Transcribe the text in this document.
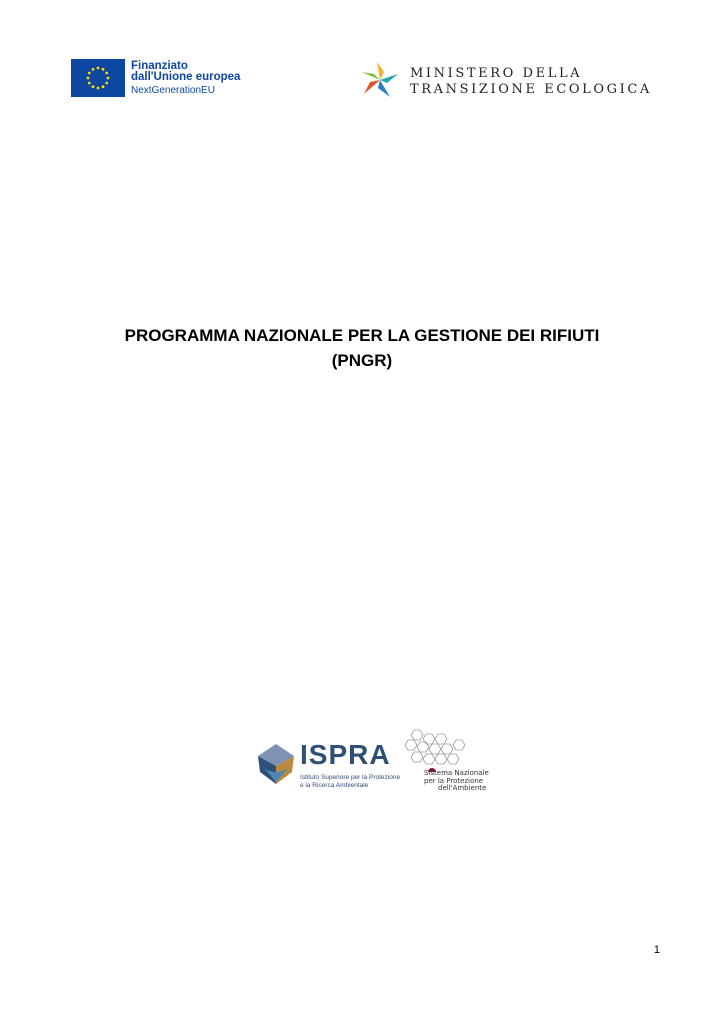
Finanziato
dall'Unione europea
NextGenerationEU
MINISTERO DELLA
TRANSIZIONE ECOLOGICA
PROGRAMMA NAZIONALE PER LA GESTIONE DEI RIFIUTI
(PNGR)
ISPRA
Istituto Superiore per la Protezione
e la Ricerca Ambientale
Sistema Nazionale
per la Protezione
dell'Ambiente
1
